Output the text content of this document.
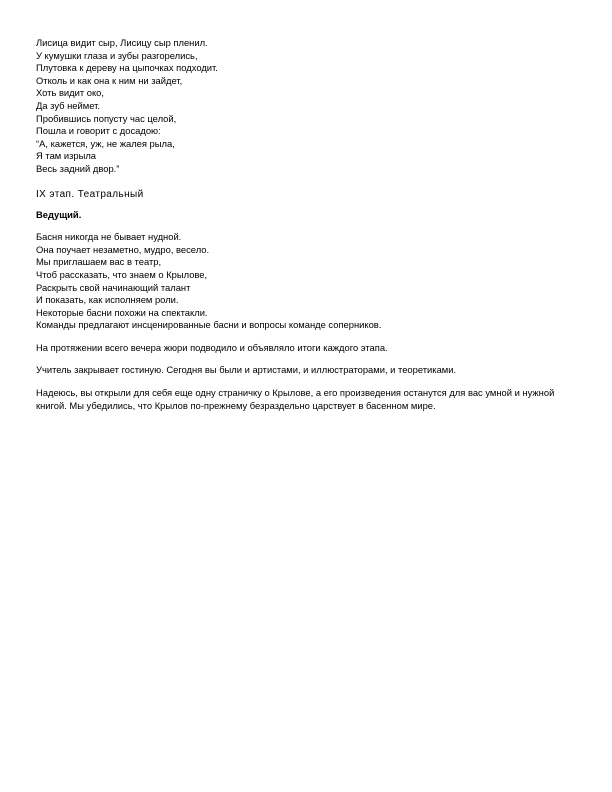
Лисица видит сыр, Лисицу сыр пленил.
У кумушки глаза и зубы разгорелись,
Плутовка к дереву на цыпочках подходит.
Отколь и как она к ним ни зайдет,
Хоть видит око,
Да зуб неймет.
Пробившись попусту час целой,
Пошла и говорит с досадою:
“А, кажется, уж, не жалея рыла,
Я там изрыла
Весь задний двор.”
IX этап. Театральный
Ведущий.
Басня никогда не бывает нудной.
Она поучает незаметно, мудро, весело.
Мы приглашаем вас в театр,
Чтоб рассказать, что знаем о Крылове,
Раскрыть свой начинающий талант
И показать, как исполняем роли.
Некоторые басни похожи на спектакли.
Команды предлагают инсценированные басни и вопросы команде соперников.
На протяжении всего вечера жюри подводило и объявляло итоги каждого этапа.
Учитель закрывает гостиную. Сегодня вы были и артистами, и иллюстраторами, и теоретиками.
Надеюсь, вы открыли для себя еще одну страничку о Крылове, а его произведения останутся для вас умной и нужной книгой. Мы убедились, что Крылов по-прежнему безраздельно царствует в басенном мире.
